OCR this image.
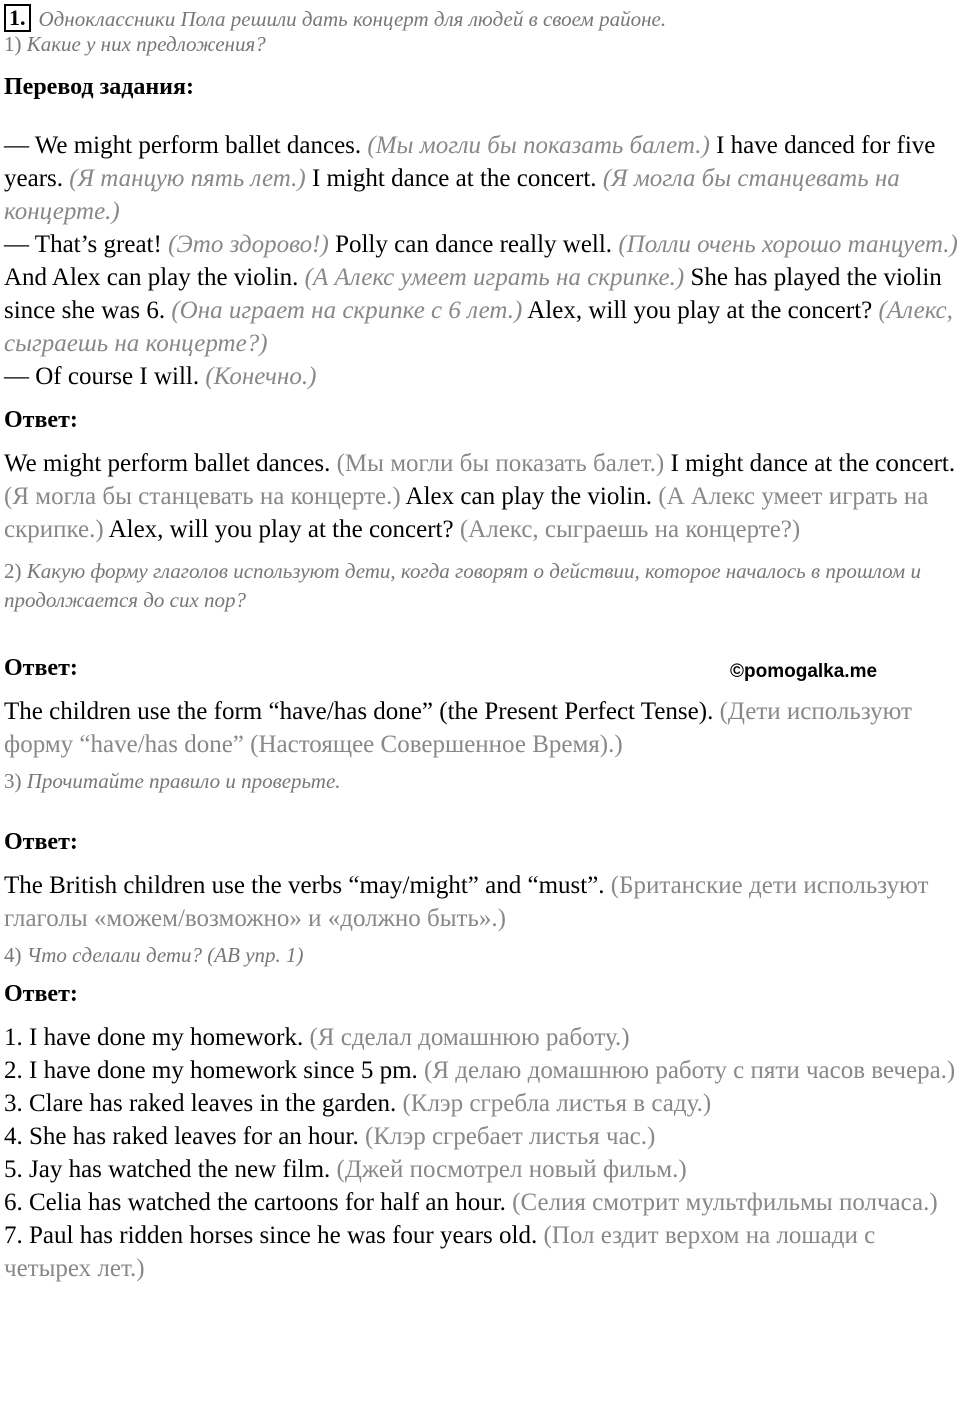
1. Одноклассники Пола решили дать концерт для людей в своем районе.
1) Какие у них предложения?
Перевод задания:
— We might perform ballet dances. (Мы могли бы показать балет.) I have danced for five years. (Я танцую пять лет.) I might dance at the concert. (Я могла бы станцевать на концерте.)
— That’s great! (Это здорово!) Polly can dance really well. (Полли очень хорошо танцует.) And Alex can play the violin. (А Алекс умеет играть на скрипке.) She has played the violin since she was 6. (Она играет на скрипке с 6 лет.) Alex, will you play at the concert? (Алекс, сыграешь на концерте?)
— Of course I will. (Конечно.)
Ответ:
We might perform ballet dances. (Мы могли бы показать балет.) I might dance at the concert. (Я могла бы станцевать на концерте.) Alex can play the violin. (А Алекс умеет играть на скрипке.) Alex, will you play at the concert? (Алекс, сыграешь на концерте?)
2) Какую форму глаголов используют дети, когда говорят о действии, которое началось в прошлом и продолжается до сих пор?
Ответ:
The children use the form “have/has done” (the Present Perfect Tense). (Дети используют форму “have/has done” (Настоящее Совершенное Время).)
3) Прочитайте правило и проверьте.
Ответ:
The British children use the verbs “may/might” and “must”. (Британские дети используют глаголы «можем/возможно» и «должно быть».)
4) Что сделали дети? (AB упр. 1)
Ответ:
1. I have done my homework. (Я сделал домашнюю работу.)
2. I have done my homework since 5 pm. (Я делаю домашнюю работу с пяти часов вечера.)
3. Clare has raked leaves in the garden. (Клэр сгребла листья в саду.)
4. She has raked leaves for an hour. (Клэр сгребает листья час.)
5. Jay has watched the new film. (Джей посмотрел новый фильм.)
6. Celia has watched the cartoons for half an hour. (Селия смотрит мультфильмы полчаса.)
7. Paul has ridden horses since he was four years old. (Пол ездит верхом на лошади с четырех лет.)
©pomogalka.me
